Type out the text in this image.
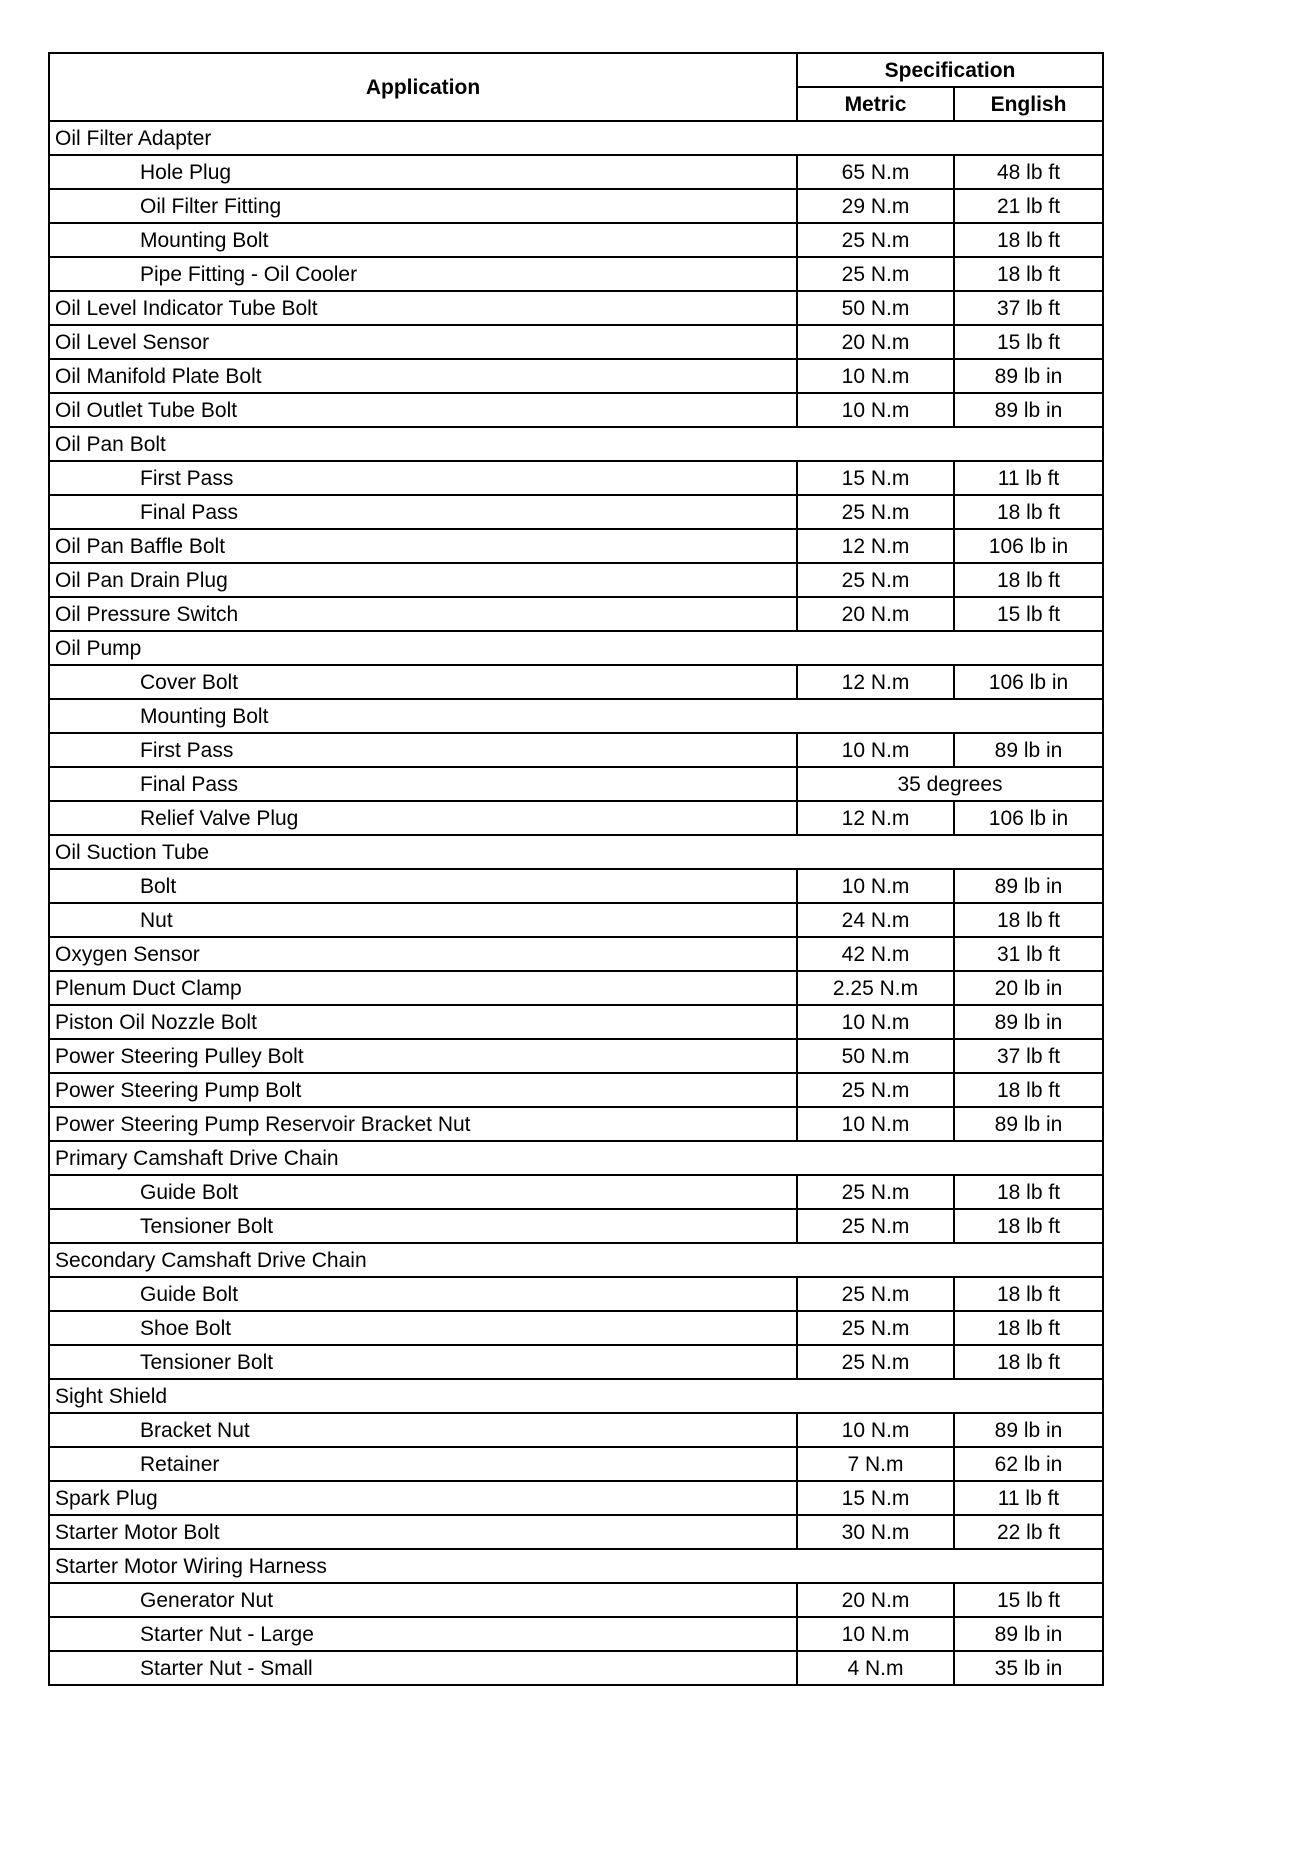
Application	Specification	
	Metric	English
Oil Filter Adapter		
Hole Plug	65 N.m	48 lb ft
Oil Filter Fitting	29 N.m	21 lb ft
Mounting Bolt	25 N.m	18 lb ft
Pipe Fitting - Oil Cooler	25 N.m	18 lb ft
Oil Level Indicator Tube Bolt	50 N.m	37 lb ft
Oil Level Sensor	20 N.m	15 lb ft
Oil Manifold Plate Bolt	10 N.m	89 lb in
Oil Outlet Tube Bolt	10 N.m	89 lb in
Oil Pan Bolt		
First Pass	15 N.m	11 lb ft
Final Pass	25 N.m	18 lb ft
Oil Pan Baffle Bolt	12 N.m	106 lb in
Oil Pan Drain Plug	25 N.m	18 lb ft
Oil Pressure Switch	20 N.m	15 lb ft
Oil Pump		
Cover Bolt	12 N.m	106 lb in
Mounting Bolt		
First Pass	10 N.m	89 lb in
Final Pass	35 degrees	
Relief Valve Plug	12 N.m	106 lb in
Oil Suction Tube		
Bolt	10 N.m	89 lb in
Nut	24 N.m	18 lb ft
Oxygen Sensor	42 N.m	31 lb ft
Plenum Duct Clamp	2.25 N.m	20 lb in
Piston Oil Nozzle Bolt	10 N.m	89 lb in
Power Steering Pulley Bolt	50 N.m	37 lb ft
Power Steering Pump Bolt	25 N.m	18 lb ft
Power Steering Pump Reservoir Bracket Nut	10 N.m	89 lb in
Primary Camshaft Drive Chain		
Guide Bolt	25 N.m	18 lb ft
Tensioner Bolt	25 N.m	18 lb ft
Secondary Camshaft Drive Chain		
Guide Bolt	25 N.m	18 lb ft
Shoe Bolt	25 N.m	18 lb ft
Tensioner Bolt	25 N.m	18 lb ft
Sight Shield		
Bracket Nut	10 N.m	89 lb in
Retainer	7 N.m	62 lb in
Spark Plug	15 N.m	11 lb ft
Starter Motor Bolt	30 N.m	22 lb ft
Starter Motor Wiring Harness		
Generator Nut	20 N.m	15 lb ft
Starter Nut - Large	10 N.m	89 lb in
Starter Nut - Small	4 N.m	35 lb in
